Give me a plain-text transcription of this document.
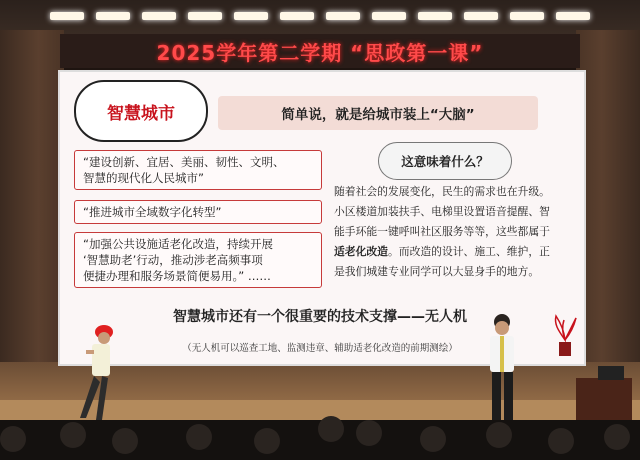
2025学年第二学期 “思政第一课”
智慧城市	简单说，就是给城市装上“大脑”
“建设创新、宜居、美丽、韧性、文明、
智慧的现代化人民城市”
“推进城市全域数字化转型”
“加强公共设施适老化改造，持续开展
‘智慧助老’行动，推动涉老高频事项
便捷办理和服务场景简便易用。” ……
这意味着什么？
随着社会的发展变化，民生的需求也在升级。
小区楼道加装扶手、电梯里设置语音提醒、智
能手环能一键呼叫社区服务等等，这些都属于
适老化改造。而改造的设计、施工、维护，正
是我们城建专业同学可以大显身手的地方。
智慧城市还有一个很重要的技术支撑——无人机
（无人机可以巡查工地、监测违章、辅助适老化改造的前期测绘）
